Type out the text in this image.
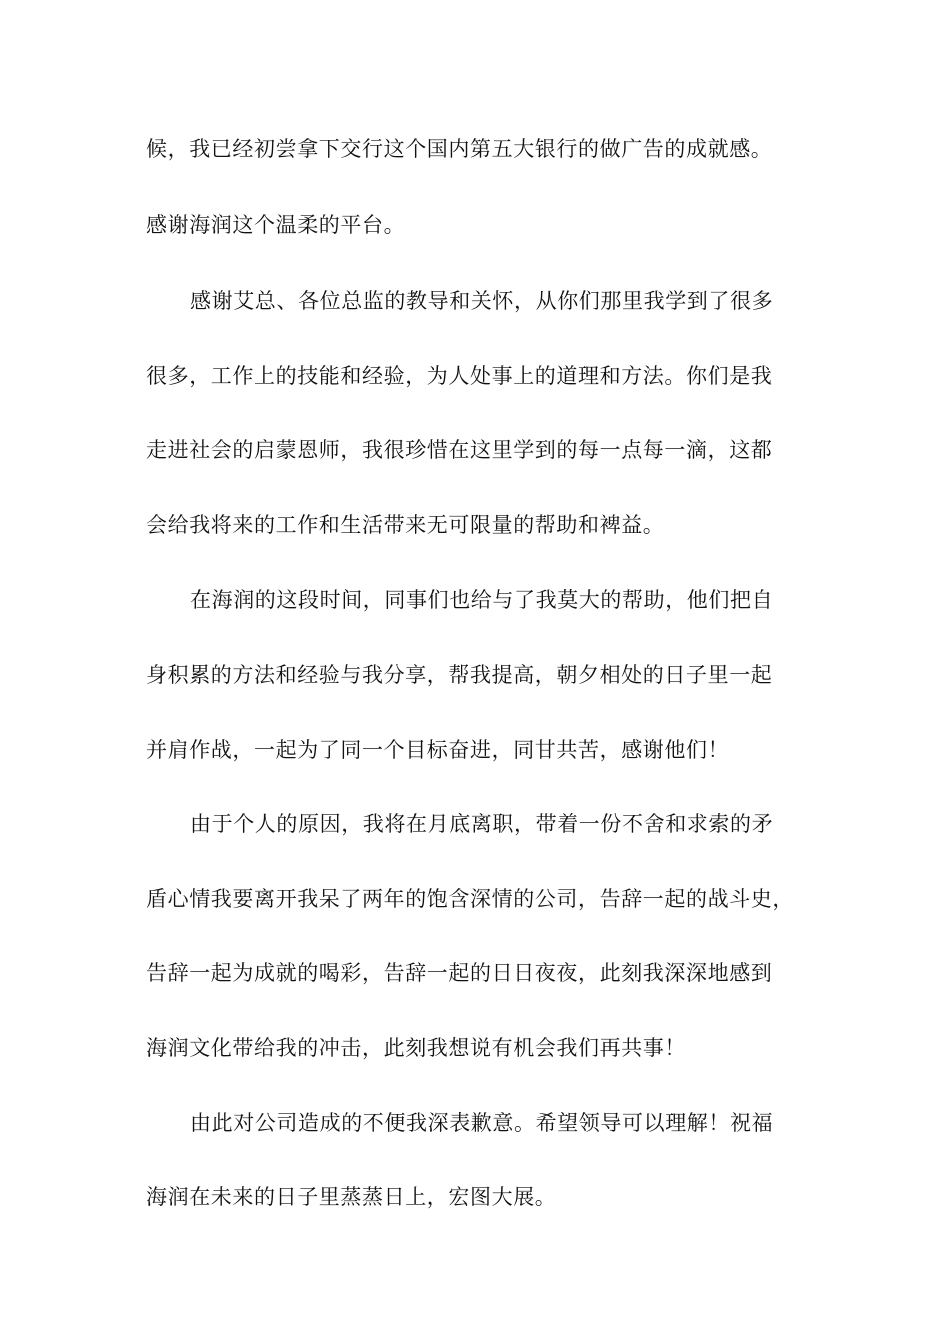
候，我已经初尝拿下交行这个国内第五大银行的做广告的成就感。
感谢海润这个温柔的平台。
感谢艾总、各位总监的教导和关怀，从你们那里我学到了很多
很多，工作上的技能和经验，为人处事上的道理和方法。你们是我
走进社会的启蒙恩师，我很珍惜在这里学到的每一点每一滴，这都
会给我将来的工作和生活带来无可限量的帮助和裨益。
在海润的这段时间，同事们也给与了我莫大的帮助，他们把自
身积累的方法和经验与我分享，帮我提高，朝夕相处的日子里一起
并肩作战，一起为了同一个目标奋进，同甘共苦，感谢他们！
由于个人的原因，我将在月底离职，带着一份不舍和求索的矛
盾心情我要离开我呆了两年的饱含深情的公司，告辞一起的战斗史，
告辞一起为成就的喝彩，告辞一起的日日夜夜，此刻我深深地感到
海润文化带给我的冲击，此刻我想说有机会我们再共事！
由此对公司造成的不便我深表歉意。希望领导可以理解！祝福
海润在未来的日子里蒸蒸日上，宏图大展。
